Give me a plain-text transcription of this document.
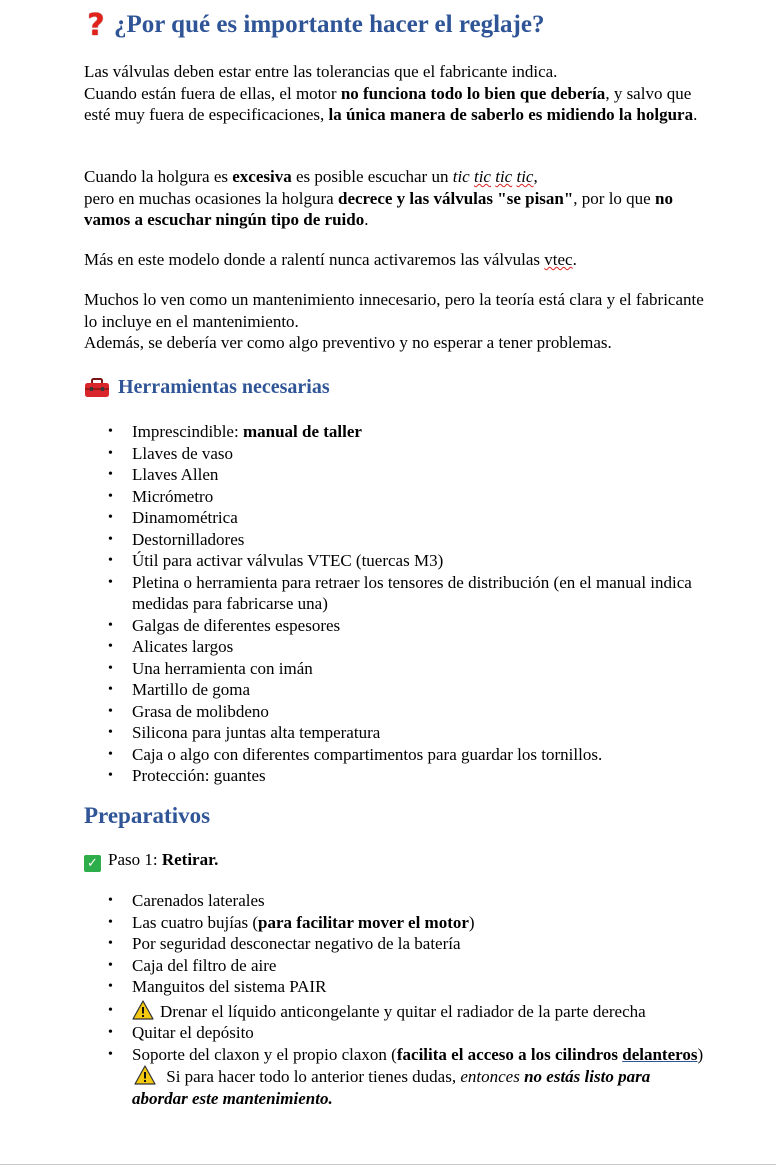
? ¿Por qué es importante hacer el reglaje?
Las válvulas deben estar entre las tolerancias que el fabricante indica.
Cuando están fuera de ellas, el motor no funciona todo lo bien que debería, y salvo que esté muy fuera de especificaciones, la única manera de saberlo es midiendo la holgura.
Cuando la holgura es excesiva es posible escuchar un tic tic tic tic,
pero en muchas ocasiones la holgura decrece y las válvulas "se pisan", por lo que no vamos a escuchar ningún tipo de ruido.
Más en este modelo donde a ralentí nunca activaremos las válvulas vtec.
Muchos lo ven como un mantenimiento innecesario, pero la teoría está clara y el fabricante lo incluye en el mantenimiento.
Además, se debería ver como algo preventivo y no esperar a tener problemas.
Herramientas necesarias
• Imprescindible: manual de taller
• Llaves de vaso
• Llaves Allen
• Micrómetro
• Dinamométrica
• Destornilladores
• Útil para activar válvulas VTEC (tuercas M3)
• Pletina o herramienta para retraer los tensores de distribución (en el manual indica medidas para fabricarse una)
• Galgas de diferentes espesores
• Alicates largos
• Una herramienta con imán
• Martillo de goma
• Grasa de molibdeno
• Silicona para juntas alta temperatura
• Caja o algo con diferentes compartimentos para guardar los tornillos.
• Protección: guantes
Preparativos
✓ Paso 1: Retirar.
• Carenados laterales
• Las cuatro bujías (para facilitar mover el motor)
• Por seguridad desconectar negativo de la batería
• Caja del filtro de aire
• Manguitos del sistema PAIR
• Drenar el líquido anticongelante y quitar el radiador de la parte derecha
• Quitar el depósito
• Soporte del claxon y el propio claxon (facilita el acceso a los cilindros delanteros) Si para hacer todo lo anterior tienes dudas, entonces no estás listo para abordar este mantenimiento.
